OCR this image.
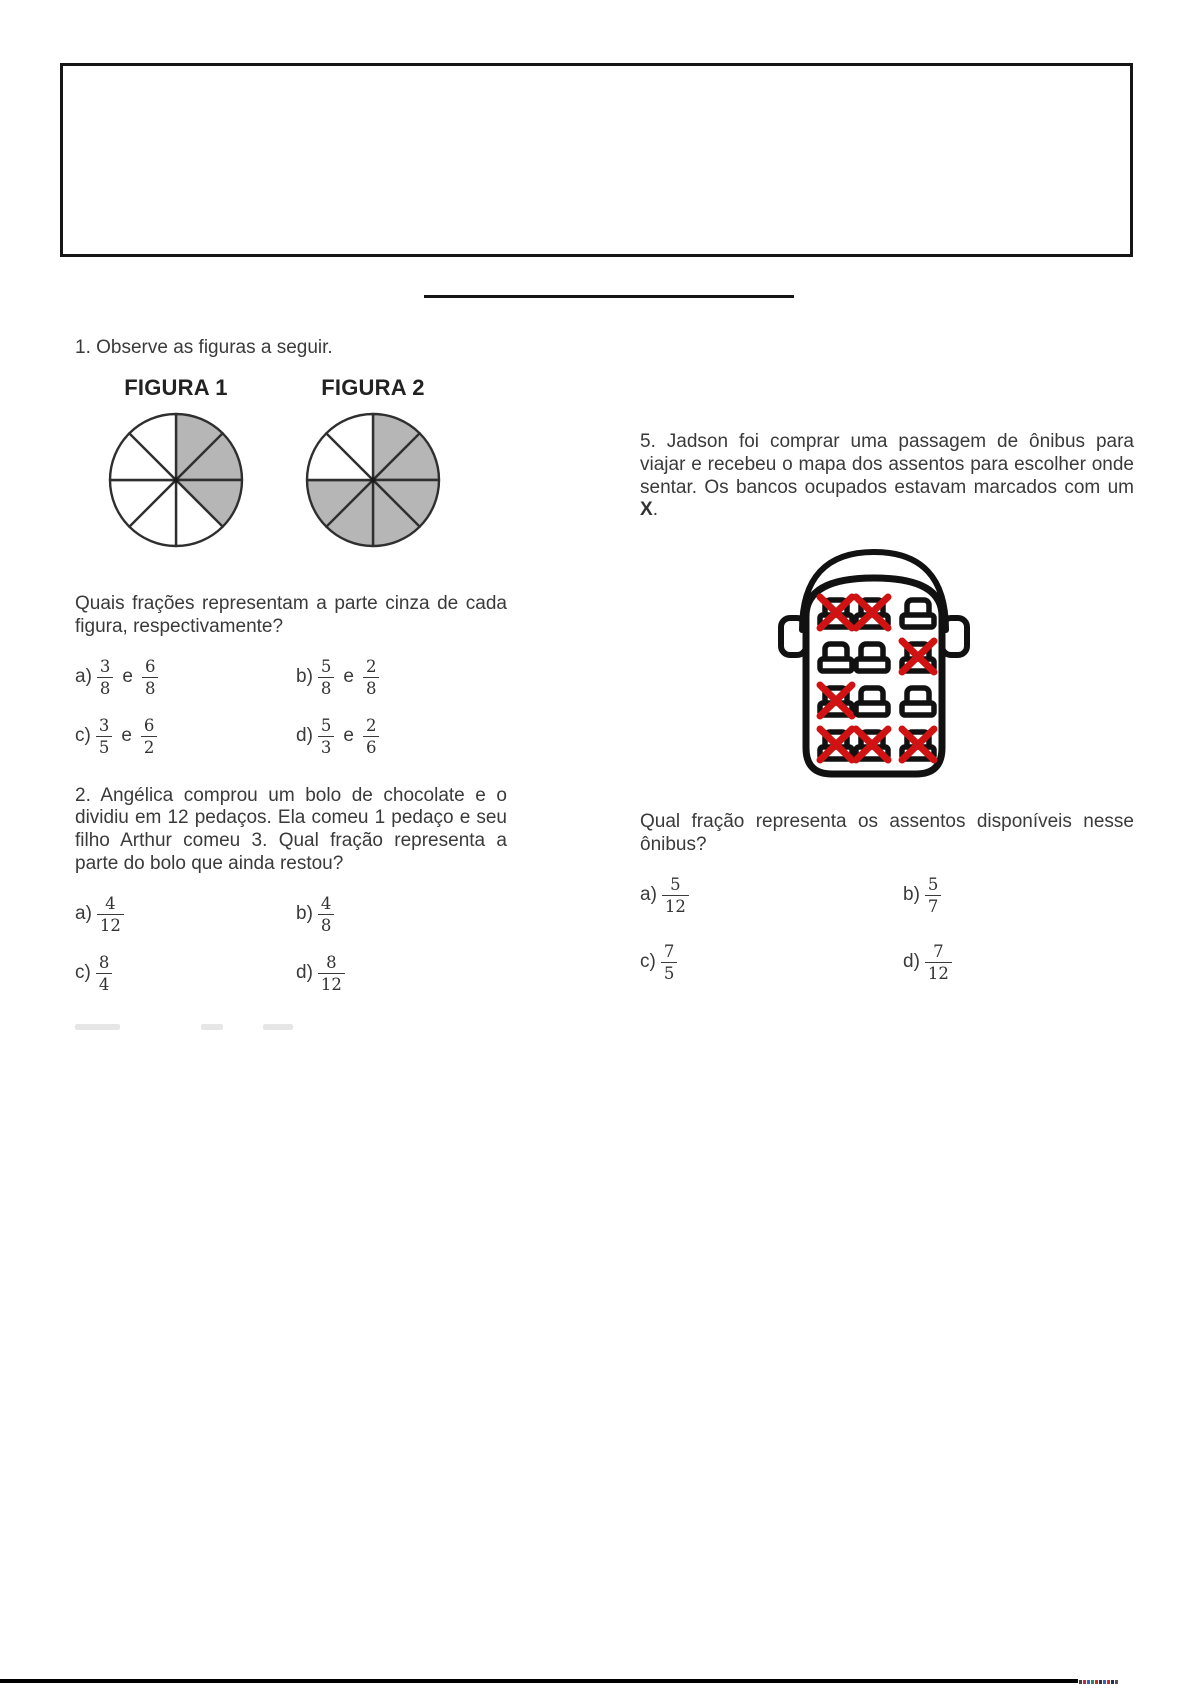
1. Observe as figuras a seguir.

FIGURA 1	FIGURA 2

Quais frações representam a parte cinza de cada figura, respectivamente?

$a) \frac{3}{8}$ e $\frac{6}{8}$	$b) \frac{5}{8}$ e $\frac{2}{8}$
$c) \frac{3}{5}$ e $\frac{6}{2}$	$d) \frac{5}{3}$ e $\frac{2}{6}$

2. Angélica comprou um bolo de chocolate e o dividiu em 12 pedaços. Ela comeu 1 pedaço e seu filho Arthur comeu 3. Qual fração representa a parte do bolo que ainda restou?

$a) \frac{4}{12}$	$b) \frac{4}{8}$
$c) \frac{8}{4}$	$d) \frac{8}{12}$

5. Jadson foi comprar uma passagem de ônibus para viajar e recebeu o mapa dos assentos para escolher onde sentar. Os bancos ocupados estavam marcados com um X.

Qual fração representa os assentos disponíveis nesse ônibus?

$a) \frac{5}{12}$	$b) \frac{5}{7}$
$c) \frac{7}{5}$	$d) \frac{7}{12}$
